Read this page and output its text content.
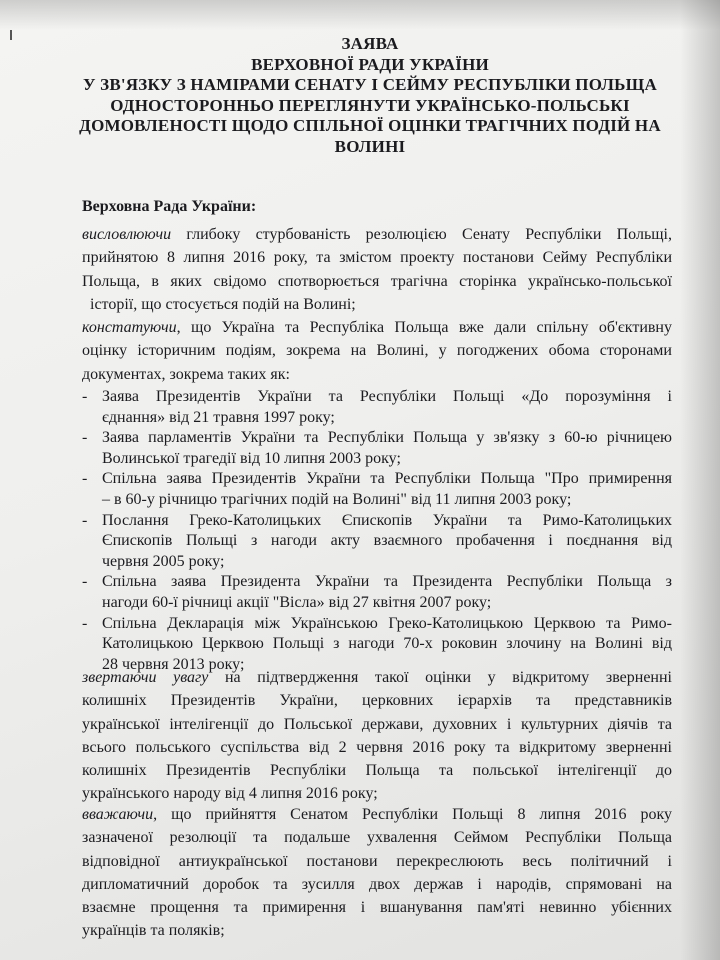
ЗАЯВА
ВЕРХОВНОЇ РАДИ УКРАЇНИ
У ЗВ'ЯЗКУ З НАМІРАМИ СЕНАТУ І СЕЙМУ РЕСПУБЛІКИ ПОЛЬЩА
ОДНОСТОРОННЬО ПЕРЕГЛЯНУТИ УКРАЇНСЬКО-ПОЛЬСЬКІ
ДОМОВЛЕНОСТІ ЩОДО СПІЛЬНОЇ ОЦІНКИ ТРАГІЧНИХ ПОДІЙ НА
ВОЛИНІ
Верховна Рада України:
висловлюючи глибоку стурбованість резолюцією Сенату Республіки Польщі,
прийнятою 8 липня 2016 року, та змістом проекту постанови Сейму Республіки
Польща, в яких свідомо спотворюється трагічна сторінка українсько-польської
історії, що стосується подій на Волині;
констатуючи, що Україна та Республіка Польща вже дали спільну об'єктивну
оцінку історичним подіям, зокрема на Волині, у погоджених обома сторонами
документах, зокрема таких як:
- Заява Президентів України та Республіки Польщі «До порозуміння і
єднання» від 21 травня 1997 року;
- Заява парламентів України та Республіки Польща у зв'язку з 60-ю річницею
Волинської трагедії від 10 липня 2003 року;
- Спільна заява Президентів України та Республіки Польща "Про примирення
– в 60-у річницю трагічних подій на Волині" від 11 липня 2003 року;
- Послання Греко-Католицьких Єпископів України та Римо-Католицьких
Єпископів Польщі з нагоди акту взаємного пробачення і поєднання від
червня 2005 року;
- Спільна заява Президента України та Президента Республіки Польща з
нагоди 60-ї річниці акції "Вісла» від 27 квітня 2007 року;
- Спільна Декларація між Українською Греко-Католицькою Церквою та Римо-
Католицькою Церквою Польщі з нагоди 70-х роковин злочину на Волині від
28 червня 2013 року;
звертаючи увагу на підтвердження такої оцінки у відкритому зверненні
колишніх Президентів України, церковних ієрархів та представників
української інтелігенції до Польської держави, духовних і культурних діячів та
всього польського суспільства від 2 червня 2016 року та відкритому зверненні
колишніх Президентів Республіки Польща та польської інтелігенції до
українського народу від 4 липня 2016 року;
вважаючи, що прийняття Сенатом Республіки Польщі 8 липня 2016 року
зазначеної резолюції та подальше ухвалення Сеймом Республіки Польща
відповідної антиукраїнської постанови перекреслюють весь політичний і
дипломатичний доробок та зусилля двох держав і народів, спрямовані на
взаємне прощення та примирення і вшанування пам'яті невинно убієнних
українців та поляків;
